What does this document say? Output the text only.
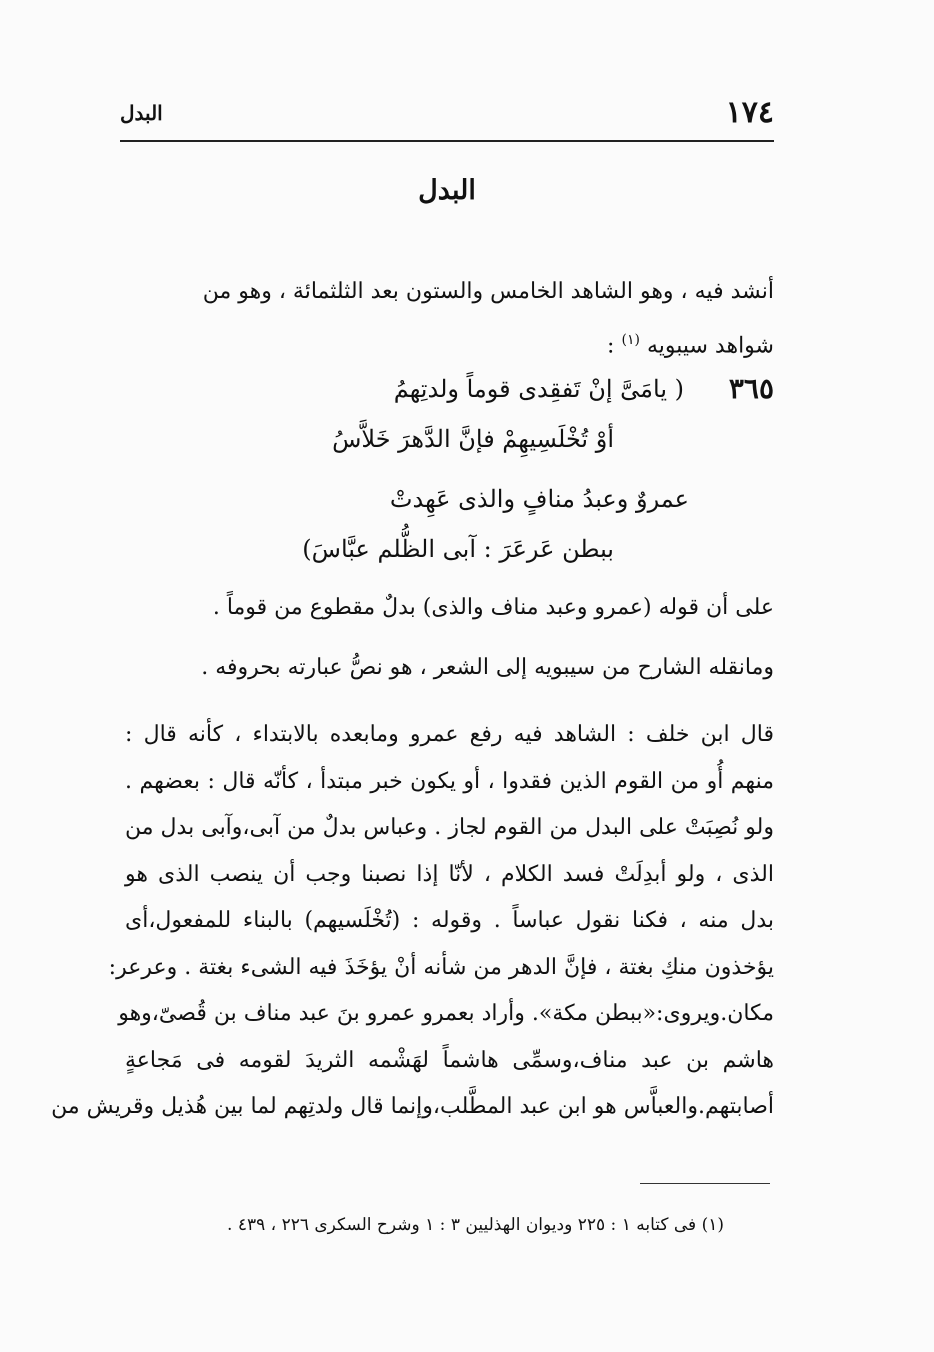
١٧٤
البدل
البدل
أنشد فيه ، وهو الشاهد الخامس والستون بعد الثلثمائة ، وهو من
شواهد سيبويه $^{(١)}$ :
٣٦٥
( يامَىَّ إنْ تَفقِدى قوماً ولدتِهمُ
أوْ تُخْلَسِيهِمْ فإنَّ الدَّهرَ خَلاَّسُ
عمروٌ وعبدُ منافٍ والذى عَهِدتْ
ببطن عَرعَرَ : آبى الظُّلم عبَّاسَ)
على أن قوله (عمرو وعبد مناف والذى) بدلٌ مقطوع من قوماً .
ومانقله الشارح من سيبويه إلى الشعر ، هو نصُّ عبارته بحروفه .
قال ابن خلف : الشاهد فيه رفع عمرو ومابعده بالابتداء ، كأنه قال :
منهم أُو من القوم الذين فقدوا ، أو يكون خبر مبتدأ ، كأنّه قال : بعضهم .
ولو نُصِبَتْ على البدل من القوم لجاز . وعباس بدلٌ من آبى،وآبى بدل من
الذى ، ولو أبدِلَتْ فسد الكلام ، لأنّا إذا نصبنا وجب أن ينصب الذى هو
بدل منه ، فكنا نقول عباساً . وقوله : (تُخْلَسيهم) بالبناء للمفعول،أى
يؤخذون منكِ بغتة ، فإنَّ الدهر من شأنه أنْ يؤخَذَ فيه الشىء بغتة . وعرعر:
مكان.ويروى:«ببطن مكة». وأراد بعمرو عمرو بنَ عبد مناف بن قُصىّ،وهو
هاشم بن عبد مناف،وسمِّى هاشماً لهَشْمه الثريدَ لقومه فى مَجاعةٍ
أصابتهم.والعباَّس هو ابن عبد المطَّلب،وإنما قال ولدتِهم لما بين هُذيل وقريش من
(١) فى كتابه ١ : ٢٢٥ وديوان الهذليين ٣ : ١ وشرح السكرى ٢٢٦ ، ٤٣٩ .
